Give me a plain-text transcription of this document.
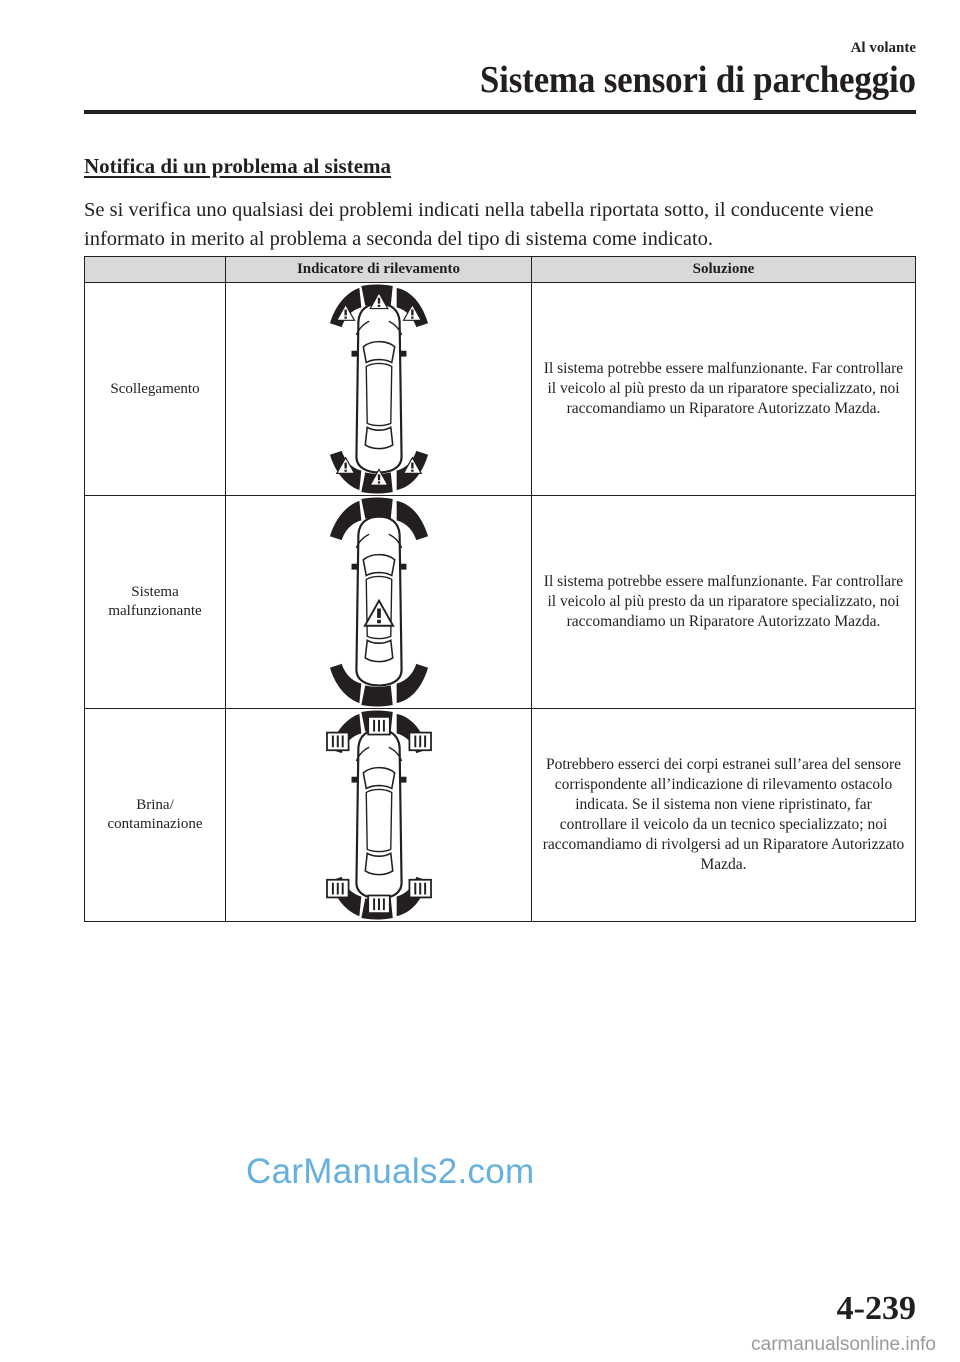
Al volante
Sistema sensori di parcheggio
Notifica di un problema al sistema
Se si verifica uno qualsiasi dei problemi indicati nella tabella riportata sotto, il conducente viene informato in merito al problema a seconda del tipo di sistema come indicato.
	Indicatore di rilevamento	Soluzione
Scollegamento		Il sistema potrebbe essere malfunzionante. Far controllare il veicolo al più presto da un riparatore specializzato, noi raccomandiamo un Riparatore Autorizzato Mazda.
Sistema malfunzionante		Il sistema potrebbe essere malfunzionante. Far controllare il veicolo al più presto da un riparatore specializzato, noi raccomandiamo un Riparatore Autorizzato Mazda.
Brina/ contaminazione		Potrebbero esserci dei corpi estranei sull’area del sensore corrispondente all’indicazione di rilevamento ostacolo indicata. Se il sistema non viene ripristinato, far controllare il veicolo da un tecnico specializzato; noi raccomandiamo di rivolgersi ad un Riparatore Autorizzato Mazda.
CarManuals2.com
4-239
carmanualsonline.info
